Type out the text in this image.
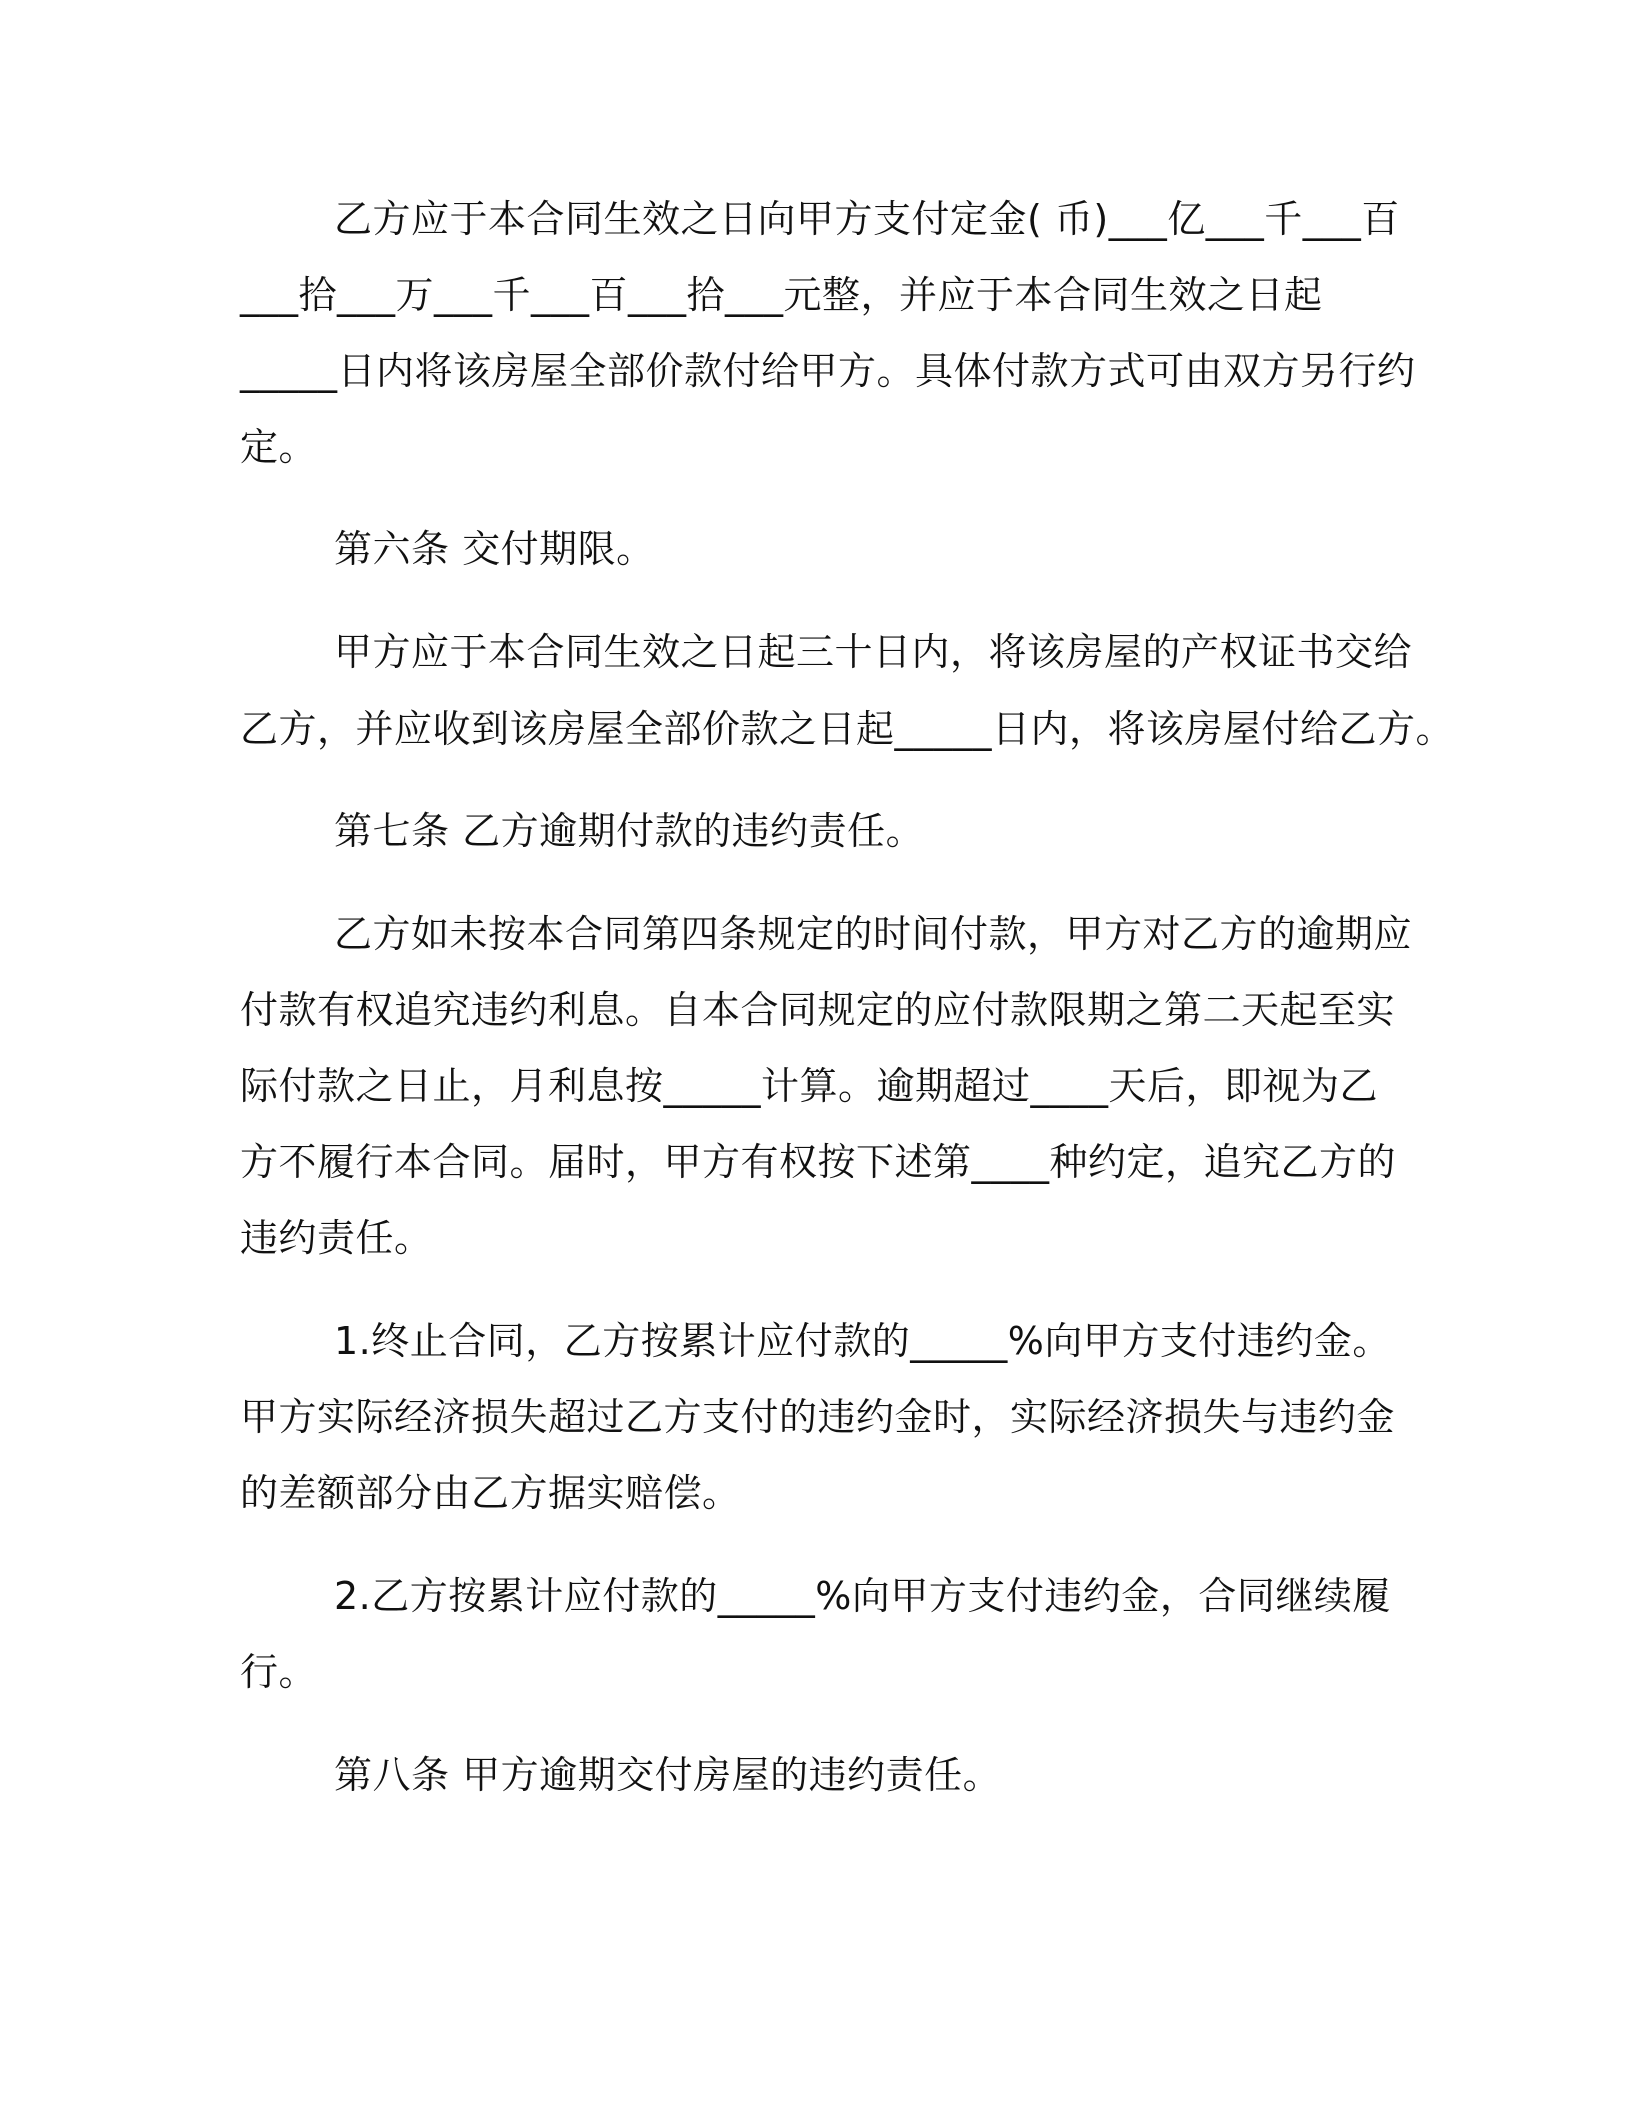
乙方应于本合同生效之日向甲方支付定金( 币)___亿___千___百
___拾___万___千___百___拾___元整，并应于本合同生效之日起
_____日内将该房屋全部价款付给甲方。具体付款方式可由双方另行约
定。
第六条 交付期限。
甲方应于本合同生效之日起三十日内，将该房屋的产权证书交给
乙方，并应收到该房屋全部价款之日起_____日内，将该房屋付给乙方。
第七条 乙方逾期付款的违约责任。
乙方如未按本合同第四条规定的时间付款，甲方对乙方的逾期应
付款有权追究违约利息。自本合同规定的应付款限期之第二天起至实
际付款之日止，月利息按_____计算。逾期超过____天后，即视为乙
方不履行本合同。届时，甲方有权按下述第____种约定，追究乙方的
违约责任。
1.终止合同，乙方按累计应付款的_____%向甲方支付违约金。
甲方实际经济损失超过乙方支付的违约金时，实际经济损失与违约金
的差额部分由乙方据实赔偿。
2.乙方按累计应付款的_____%向甲方支付违约金，合同继续履
行。
第八条 甲方逾期交付房屋的违约责任。
